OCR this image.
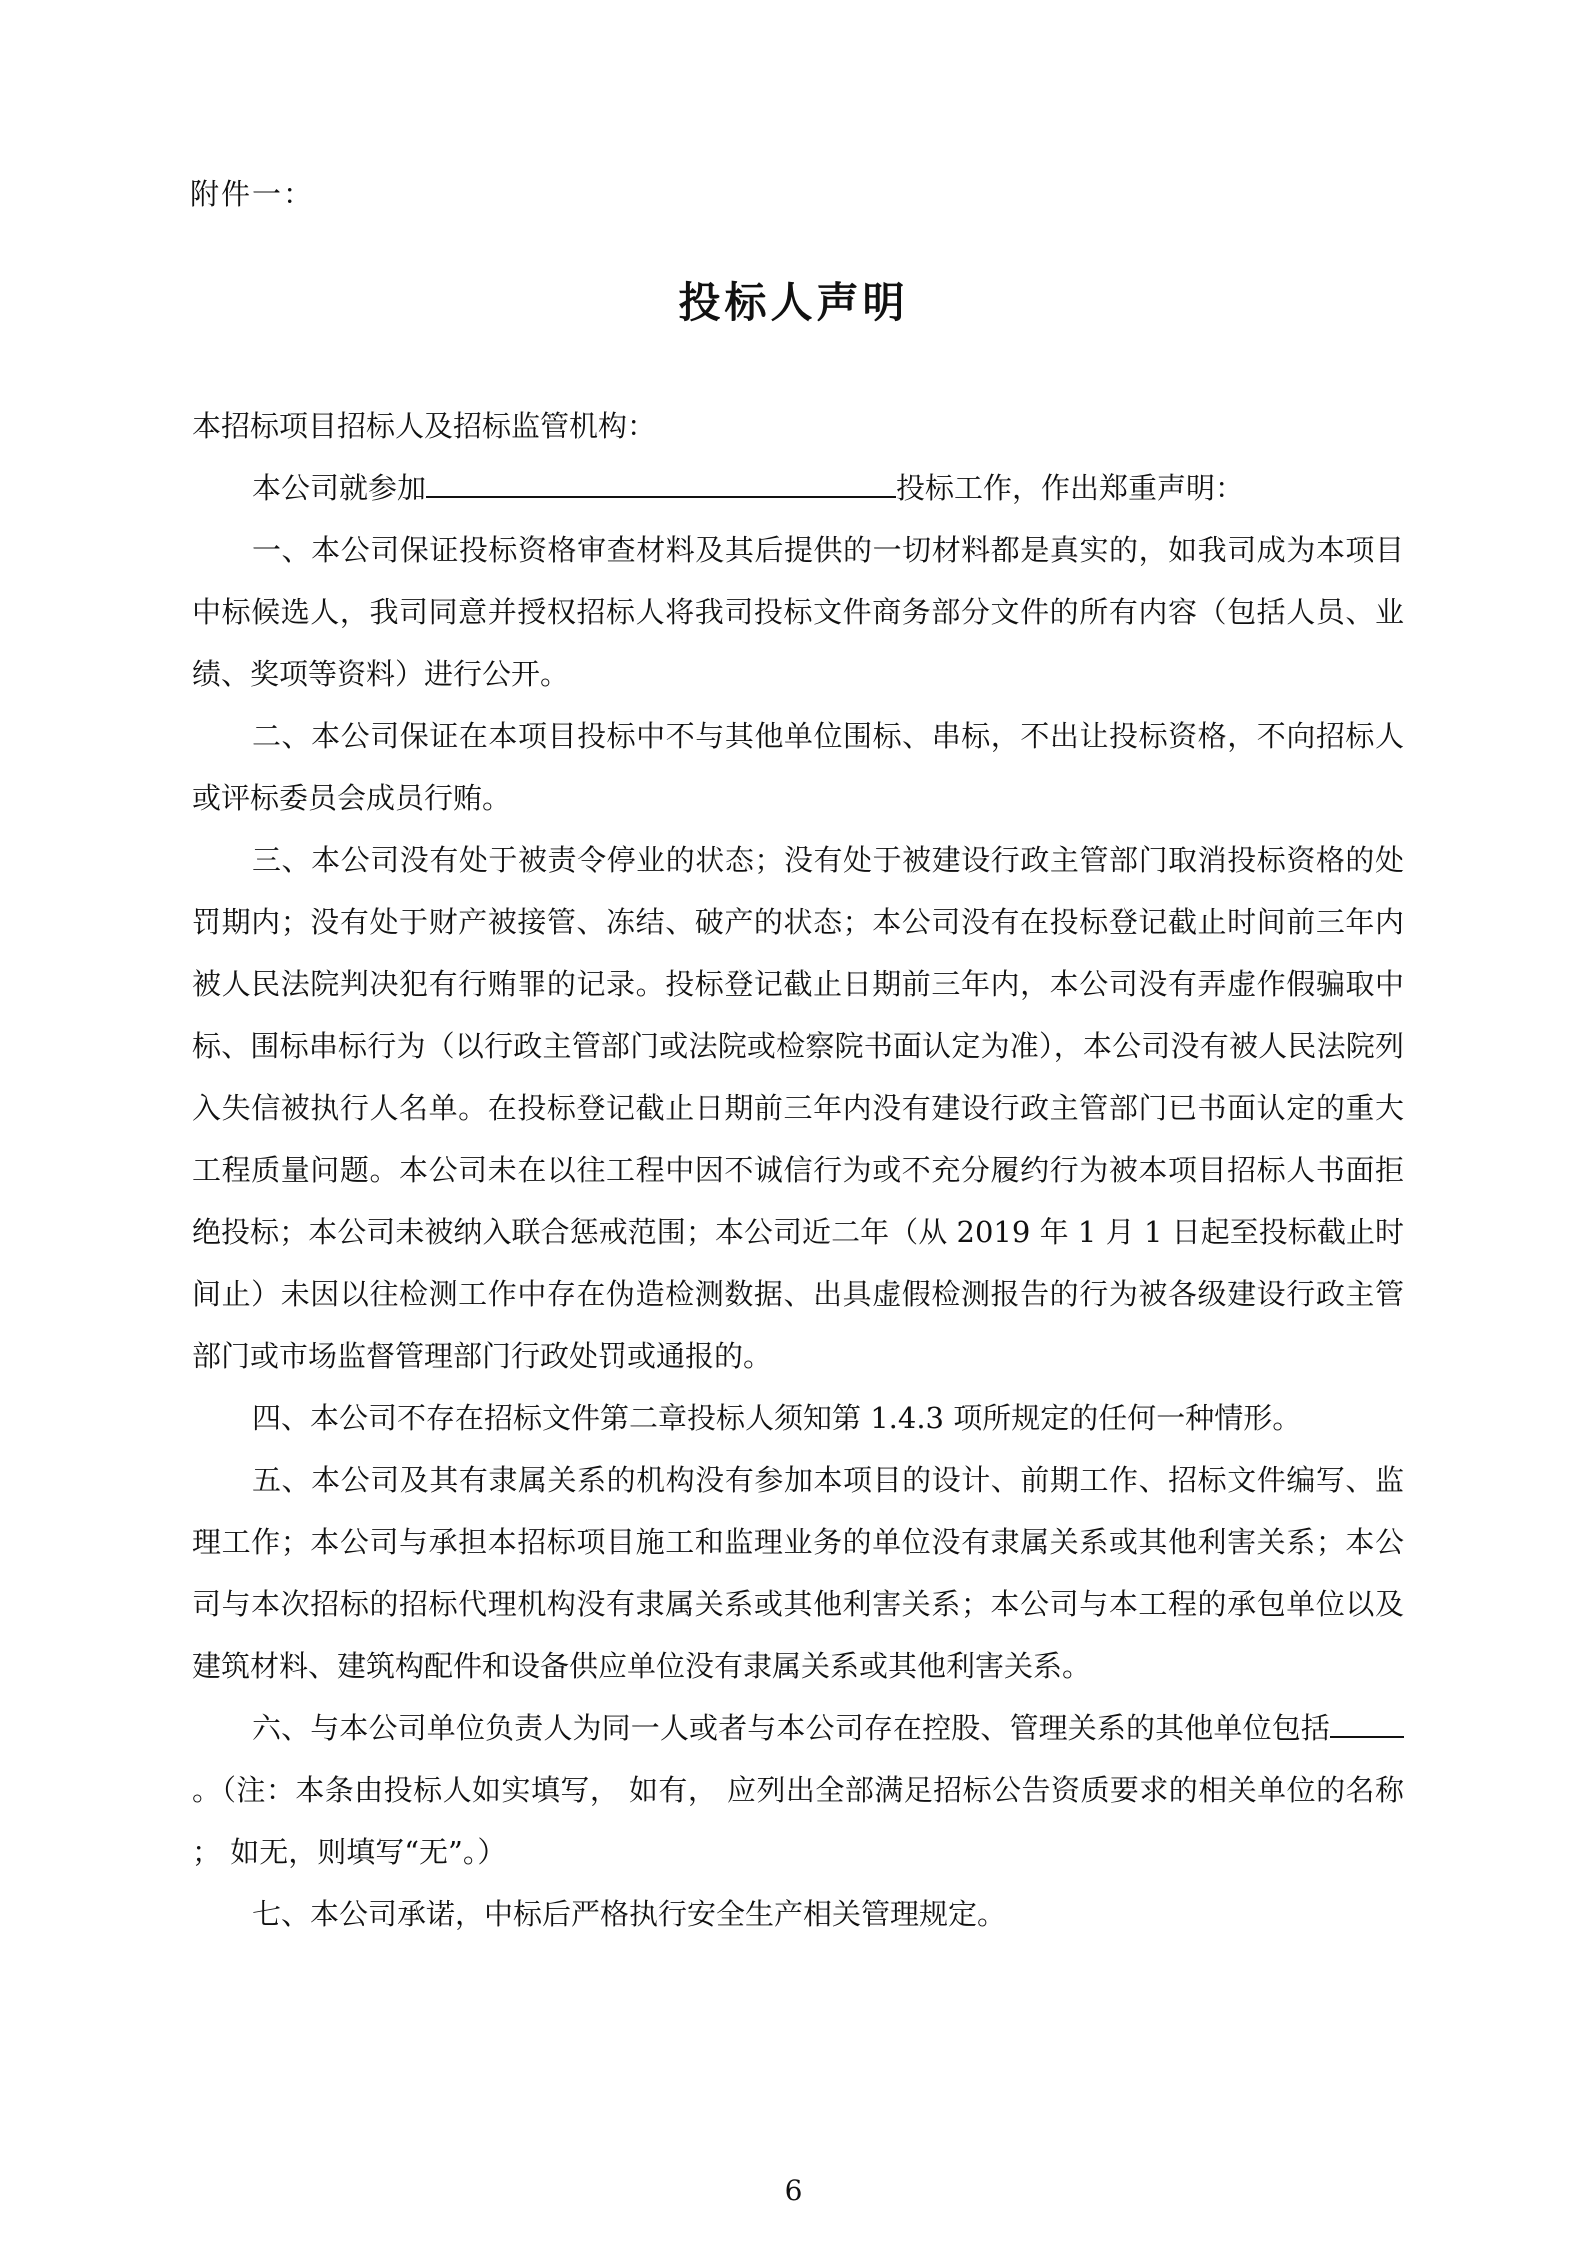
附件一：
投标人声明

本招标项目招标人及招标监管机构：

本公司就参加	投标工作，作出郑重声明：

一、本公司保证投标资格审查材料及其后提供的一切材料都是真实的，如我司成为本项目中标候选人，我司同意并授权招标人将我司投标文件商务部分文件的所有内容（包括人员、业绩、奖项等资料）进行公开。

二、本公司保证在本项目投标中不与其他单位围标、串标，不出让投标资格，不向招标人或评标委员会成员行贿。

三、本公司没有处于被责令停业的状态；没有处于被建设行政主管部门取消投标资格的处罚期内；没有处于财产被接管、冻结、破产的状态；本公司没有在投标登记截止时间前三年内被人民法院判决犯有行贿罪的记录。投标登记截止日期前三年内，本公司没有弄虚作假骗取中标、围标串标行为（以行政主管部门或法院或检察院书面认定为准），本公司没有被人民法院列入失信被执行人名单。在投标登记截止日期前三年内没有建设行政主管部门已书面认定的重大工程质量问题。本公司未在以往工程中因不诚信行为或不充分履约行为被本项目招标人书面拒绝投标；本公司未被纳入联合惩戒范围；本公司近二年（从 2019 年 1 月 1 日起至投标截止时间止）未因以往检测工作中存在伪造检测数据、出具虚假检测报告的行为被各级建设行政主管部门或市场监督管理部门行政处罚或通报的。

四、本公司不存在招标文件第二章投标人须知第 1.4.3 项所规定的任何一种情形。

五、本公司及其有隶属关系的机构没有参加本项目的设计、前期工作、招标文件编写、监理工作；本公司与承担本招标项目施工和监理业务的单位没有隶属关系或其他利害关系；本公司与本次招标的招标代理机构没有隶属关系或其他利害关系；本公司与本工程的承包单位以及建筑材料、建筑构配件和设备供应单位没有隶属关系或其他利害关系。

六、与本公司单位负责人为同一人或者与本公司存在控股、管理关系的其他单位包括。（注：本条由投标人如实填写， 如有， 应列出全部满足招标公告资质要求的相关单位的名称 ； 如无，则填写“无”。）

七、本公司承诺，中标后严格执行安全生产相关管理规定。

6
